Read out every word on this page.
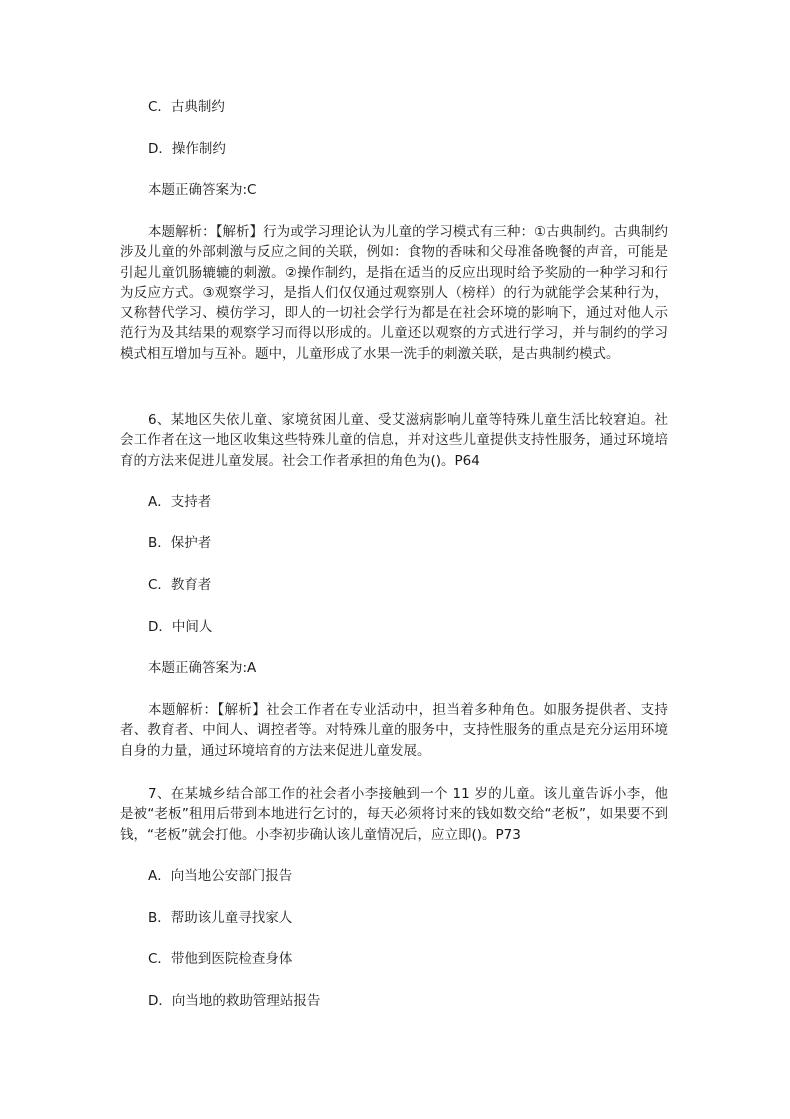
C．古典制约
D．操作制约
本题正确答案为:C
本题解析：【解析】行为或学习理论认为儿童的学习模式有三种：①古典制约。古典制约涉及儿童的外部刺激与反应之间的关联，例如：食物的香味和父母准备晚餐的声音，可能是引起儿童饥肠辘辘的刺激。②操作制约，是指在适当的反应出现时给予奖励的一种学习和行为反应方式。③观察学习，是指人们仅仅通过观察别人（榜样）的行为就能学会某种行为，又称替代学习、模仿学习，即人的一切社会学行为都是在社会环境的影响下，通过对他人示范行为及其结果的观察学习而得以形成的。儿童还以观察的方式进行学习，并与制约的学习模式相互增加与互补。题中，儿童形成了水果一洗手的刺激关联，是古典制约模式。
6、某地区失依儿童、家境贫困儿童、受艾滋病影响儿童等特殊儿童生活比较窘迫。社会工作者在这一地区收集这些特殊儿童的信息，并对这些儿童提供支持性服务，通过环境培育的方法来促进儿童发展。社会工作者承担的角色为()。P64
A．支持者
B．保护者
C．教育者
D．中间人
本题正确答案为:A
本题解析：【解析】社会工作者在专业活动中，担当着多种角色。如服务提供者、支持者、教育者、中间人、调控者等。对特殊儿童的服务中，支持性服务的重点是充分运用环境自身的力量，通过环境培育的方法来促进儿童发展。
7、在某城乡结合部工作的社会者小李接触到一个 11 岁的儿童。该儿童告诉小李，他是被“老板”租用后带到本地进行乞讨的，每天必须将讨来的钱如数交给“老板”，如果要不到钱，“老板”就会打他。小李初步确认该儿童情况后，应立即()。P73
A．向当地公安部门报告
B．帮助该儿童寻找家人
C．带他到医院检查身体
D．向当地的救助管理站报告
